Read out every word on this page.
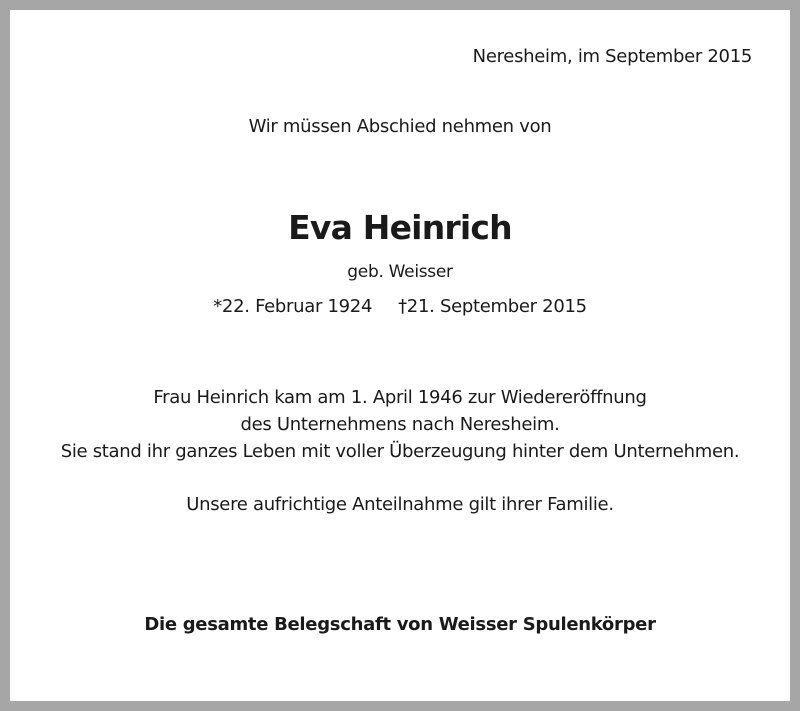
Neresheim, im September 2015
Wir müssen Abschied nehmen von
Eva Heinrich
geb. Weisser
*22. Februar 1924 †21. September 2015
Frau Heinrich kam am 1. April 1946 zur Wiedereröffnung
des Unternehmens nach Neresheim.
Sie stand ihr ganzes Leben mit voller Überzeugung hinter dem Unternehmen.
Unsere aufrichtige Anteilnahme gilt ihrer Familie.
Die gesamte Belegschaft von Weisser Spulenkörper
